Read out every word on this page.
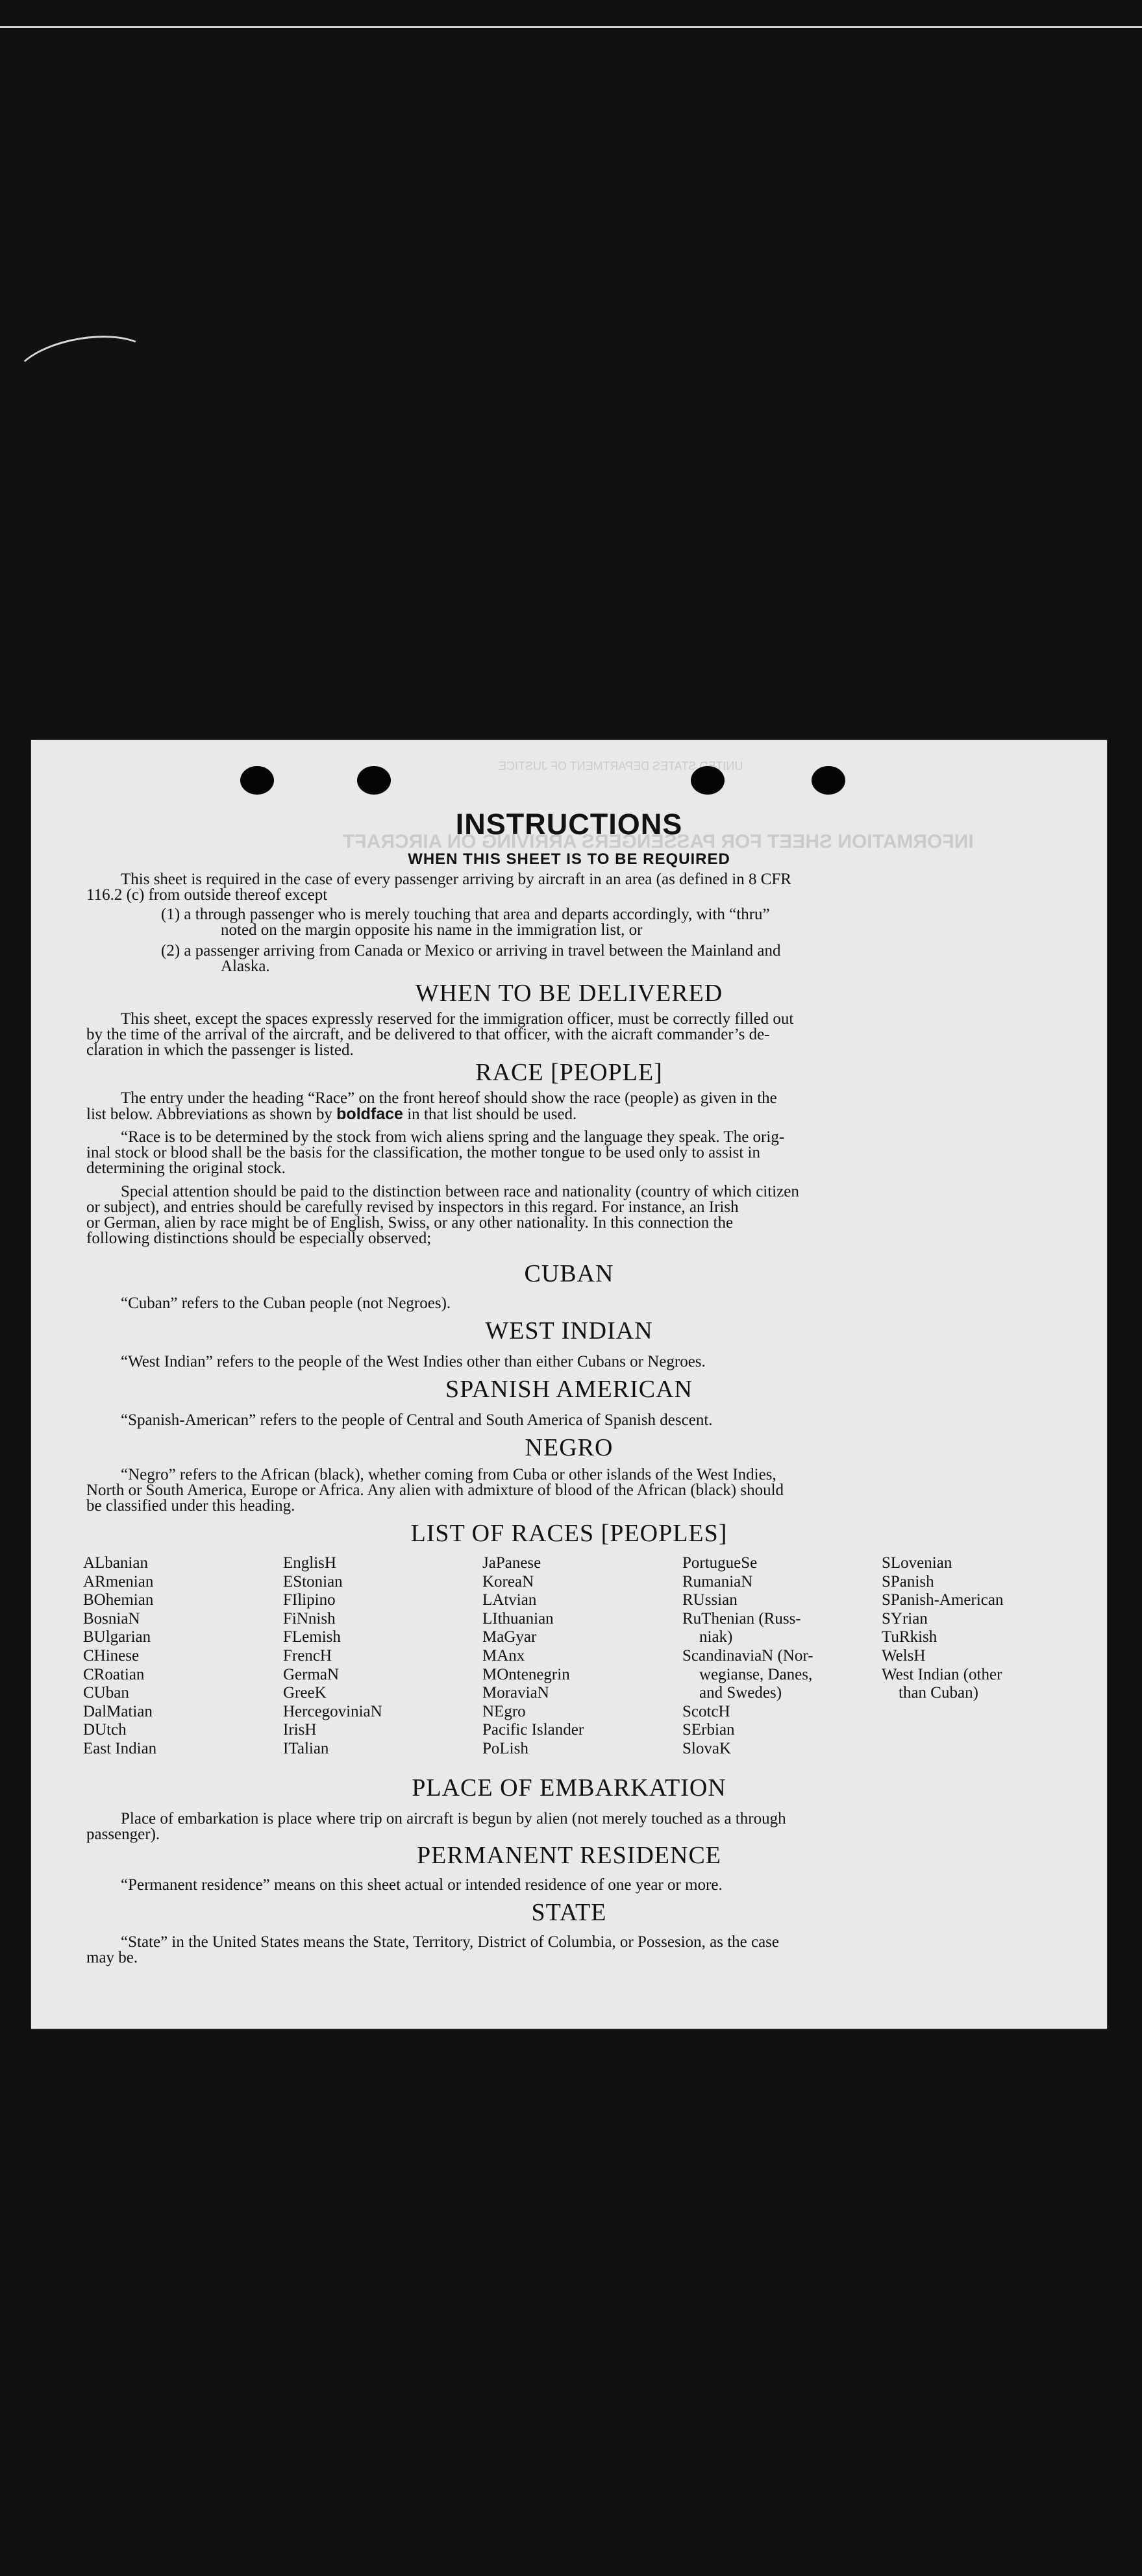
UNITED STATES DEPARTMENT OF JUSTICE
INFORMATION SHEET FOR PASSENGERS ARRIVING ON AIRCRAFT
INSTRUCTIONS
WHEN THIS SHEET IS TO BE REQUIRED
This sheet is required in the case of every passenger arriving by aircraft in an area (as defined in 8 CFR
116.2 (c) from outside thereof except
(1) a through passenger who is merely touching that area and departs accordingly, with “thru”
noted on the margin opposite his name in the immigration list, or
(2) a passenger arriving from Canada or Mexico or arriving in travel between the Mainland and
Alaska.
WHEN TO BE DELIVERED
This sheet, except the spaces expressly reserved for the immigration officer, must be correctly filled out
by the time of the arrival of the aircraft, and be delivered to that officer, with the aicraft commander’s de-
claration in which the passenger is listed.
RACE [PEOPLE]
The entry under the heading “Race” on the front hereof should show the race (people) as given in the
list below. Abbreviations as shown by boldface in that list should be used.
“Race is to be determined by the stock from wich aliens spring and the language they speak. The orig-
inal stock or blood shall be the basis for the classification, the mother tongue to be used only to assist in
determining the original stock.
Special attention should be paid to the distinction between race and nationality (country of which citizen
or subject), and entries should be carefully revised by inspectors in this regard. For instance, an Irish
or German, alien by race might be of English, Swiss, or any other nationality. In this connection the
following distinctions should be especially observed;
CUBAN
“Cuban” refers to the Cuban people (not Negroes).
WEST INDIAN
“West Indian” refers to the people of the West Indies other than either Cubans or Negroes.
SPANISH AMERICAN
“Spanish-American” refers to the people of Central and South America of Spanish descent.
NEGRO
“Negro” refers to the African (black), whether coming from Cuba or other islands of the West Indies,
North or South America, Europe or Africa. Any alien with admixture of blood of the African (black) should
be classified under this heading.
LIST OF RACES [PEOPLES]
ALbanian
ARmenian
BOhemian
BosniaN
BUlgarian
CHinese
CRoatian
CUban
DalMatian
DUtch
East Indian
EnglisH
EStonian
FIlipino
FiNnish
FLemish
FrencH
GermaN
GreeK
HercegoviniaN
IrisH
ITalian
JaPanese
KoreaN
LAtvian
LIthuanian
MaGyar
MAnx
MOntenegrin
MoraviaN
NEgro
Pacific Islander
PoLish
PortugueSe
RumaniaN
RUssian
RuThenian (Russ-
niak)
ScandinaviaN (Nor-
wegianse, Danes,
and Swedes)
ScotcH
SErbian
SlovaK
SLovenian
SPanish
SPanish-American
SYrian
TuRkish
WelsH
West Indian (other
than Cuban)
PLACE OF EMBARKATION
Place of embarkation is place where trip on aircraft is begun by alien (not merely touched as a through
passenger).
PERMANENT RESIDENCE
“Permanent residence” means on this sheet actual or intended residence of one year or more.
STATE
“State” in the United States means the State, Territory, District of Columbia, or Possesion, as the case
may be.
